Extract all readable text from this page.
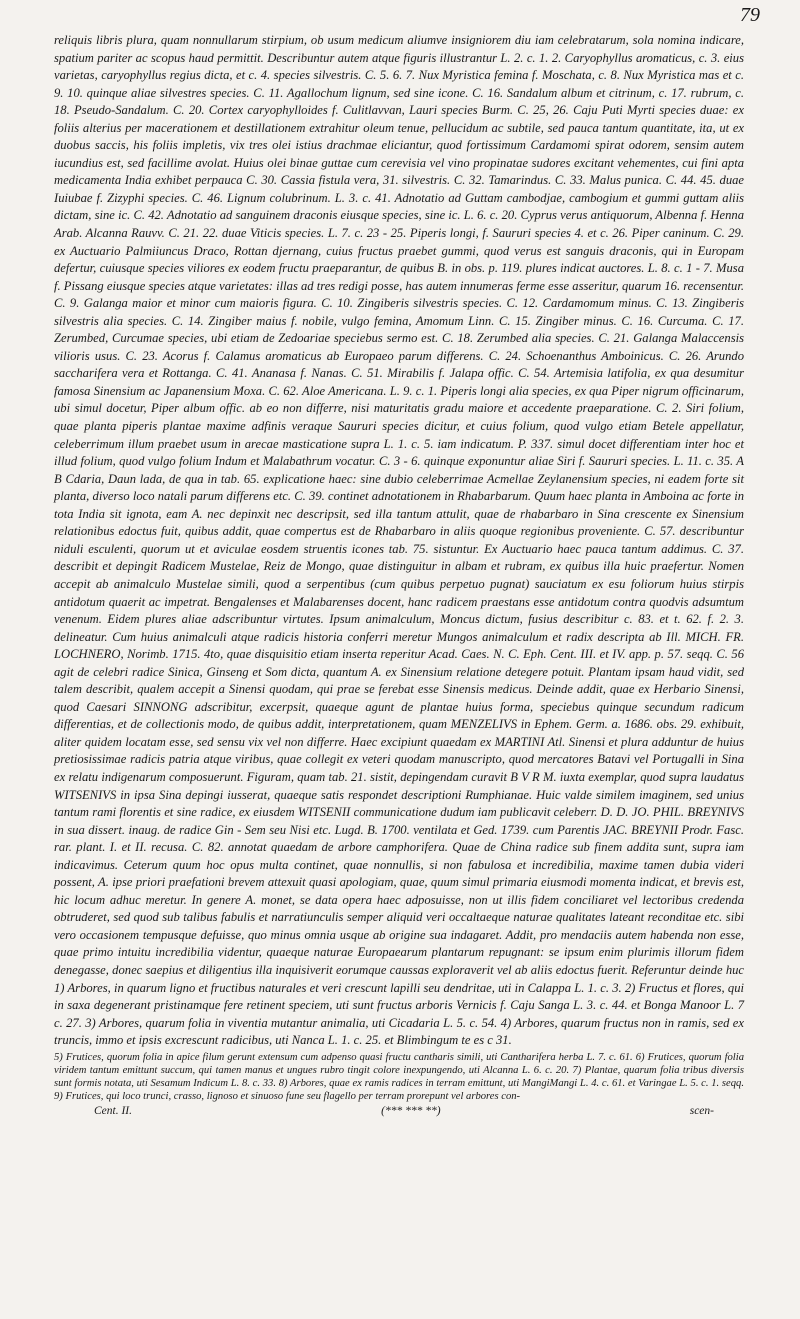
79

reliquis libris plura, quam nonnullarum stirpium, ob usum medicum aliumve insigniorem diu iam celebratarum, sola nomina indicare, spatium pariter ac scopus haud permittit. Describuntur autem atque figuris illustrantur L. 2. c. 1. 2. Caryophyllus aromaticus, c. 3. eius varietas, caryophyllus regius dicta, et c. 4. species silvestris. C. 5. 6. 7. Nux Myristica femina f. Moschata, c. 8. Nux Myristica mas et c. 9. 10. quinque aliae silvestres species. C. 11. Agallochum lignum, sed sine icone. C. 16. Sandalum album et citrinum, c. 17. rubrum, c. 18. Pseudo-Sandalum. C. 20. Cortex caryophylloides f. Culitlavvan, Lauri species Burm. C. 25, 26. Caju Puti Myrti species duae: ex foliis alterius per macerationem et destillationem extrahitur oleum tenue, pellucidum ac subtile, sed pauca tantum quantitate, ita, ut ex duobus saccis, his foliis impletis, vix tres olei istius drachmae eliciantur, quod fortissimum Cardamomi spirat odorem, sensim autem iucundius est, sed facillime avolat. Huius olei binae guttae cum cerevisia vel vino propinatae sudores excitant vehementes, cui fini apta medicamenta India exhibet perpauca C. 30. Cassia fistula vera, 31. silvestris. C. 32. Tamarindus. C. 33. Malus punica. C. 44. 45. duae Iuiubae f. Zizyphi species. C. 46. Lignum colubrinum. L. 3. c. 41. Adnotatio ad Guttam cambodjae, cambogium et gummi guttam aliis dictam, sine ic. C. 42. Adnotatio ad sanguinem draconis eiusque species, sine ic. L. 6. c. 20. Cyprus verus antiquorum, Albenna f. Henna Arab. Alcanna Rauvv. C. 21. 22. duae Viticis species. L. 7. c. 23 - 25. Piperis longi, f. Saururi species 4. et c. 26. Piper caninum. C. 29. ex Auctuario Palmiiuncus Draco, Rottan djernang, cuius fructus praebet gummi, quod verus est sanguis draconis, qui in Europam defertur, cuiusque species viliores ex eodem fructu praeparantur, de quibus B. in obs. p. 119. plures indicat auctores. L. 8. c. 1 - 7. Musa f. Pissang eiusque species atque varietates: illas ad tres redigi posse, has autem innumeras ferme esse asseritur, quarum 16. recensentur. C. 9. Galanga maior et minor cum maioris figura. C. 10. Zingiberis silvestris species. C. 12. Cardamomum minus. C. 13. Zingiberis silvestris alia species. C. 14. Zingiber maius f. nobile, vulgo femina, Amomum Linn. C. 15. Zingiber minus. C. 16. Curcuma. C. 17. Zerumbed, Curcumae species, ubi etiam de Zedoariae speciebus sermo est. C. 18. Zerumbed alia species. C. 21. Galanga Malaccensis vilioris usus. C. 23. Acorus f. Calamus aromaticus ab Europaeo parum differens. C. 24. Schoenanthus Amboinicus. C. 26. Arundo saccharifera vera et Rottanga. C. 41. Ananasa f. Nanas. C. 51. Mirabilis f. Jalapa offic. C. 54. Artemisia latifolia, ex qua desumitur famosa Sinensium ac Japanensium Moxa. C. 62. Aloe Americana. L. 9. c. 1. Piperis longi alia species, ex qua Piper nigrum officinarum, ubi simul docetur, Piper album offic. ab eo non differre, nisi maturitatis gradu maiore et accedente praeparatione. C. 2. Siri folium, quae planta piperis plantae maxime adfinis veraque Saururi species dicitur, et cuius folium, quod vulgo etiam Betele appellatur, celeberrimum illum praebet usum in arecae masticatione supra L. 1. c. 5. iam indicatum. P. 337. simul docet differentiam inter hoc et illud folium, quod vulgo folium Indum et Malabathrum vocatur. C. 3 - 6. quinque exponuntur aliae Siri f. Saururi species. L. 11. c. 35. A B Cdaria, Daun lada, de qua in tab. 65. explicatione haec: sine dubio celeberrimae Acmellae Zeylanensium species, ni eadem forte sit planta, diverso loco natali parum differens etc. C. 39. continet adnotationem in Rhabarbarum. Quum haec planta in Amboina ac forte in tota India sit ignota, eam A. nec depinxit nec descripsit, sed illa tantum attulit, quae de rhabarbaro in Sina crescente ex Sinensium relationibus edoctus fuit, quibus addit, quae compertus est de Rhabarbaro in aliis quoque regionibus proveniente. C. 57. describuntur niduli esculenti, quorum ut et aviculae eosdem struentis icones tab. 75. sistuntur. Ex Auctuario haec pauca tantum addimus. C. 37. describit et depingit Radicem Mustelae, Reiz de Mongo, quae distinguitur in albam et rubram, ex quibus illa huic praefertur. Nomen accepit ab animalculo Mustelae simili, quod a serpentibus (cum quibus perpetuo pugnat) sauciatum ex esu foliorum huius stirpis antidotum quaerit ac impetrat. Bengalenses et Malabarenses docent, hanc radicem praestans esse antidotum contra quodvis adsumtum venenum. Eidem plures aliae adscribuntur virtutes. Ipsum animalculum, Moncus dictum, fusius describitur c. 83. et t. 62. f. 2. 3. delineatur. Cum huius animalculi atque radicis historia conferri meretur Mungos animalculum et radix descripta ab Ill. MICH. FR. LOCHNERO, Norimb. 1715. 4to, quae disquisitio etiam inserta reperitur Acad. Caes. N. C. Eph. Cent. III. et IV. app. p. 57. seqq. C. 56 agit de celebri radice Sinica, Ginseng et Som dicta, quantum A. ex Sinensium relatione detegere potuit. Plantam ipsam haud vidit, sed talem describit, qualem accepit a Sinensi quodam, qui prae se ferebat esse Sinensis medicus. Deinde addit, quae ex Herbario Sinensi, quod Caesari SINNONG adscribitur, excerpsit, quaeque agunt de plantae huius forma, speciebus quinque secundum radicum differentias, et de collectionis modo, de quibus addit, interpretationem, quam MENZELIVS in Ephem. Germ. a. 1686. obs. 29. exhibuit, aliter quidem locatam esse, sed sensu vix vel non differre. Haec excipiunt quaedam ex MARTINI Atl. Sinensi et plura adduntur de huius pretiosissimae radicis patria atque viribus, quae collegit ex veteri quodam manuscripto, quod mercatores Batavi vel Portugalli in Sina ex relatu indigenarum composuerunt. Figuram, quam tab. 21. sistit, depingendam curavit B V R M. iuxta exemplar, quod supra laudatus WITSENIVS in ipsa Sina depingi iusserat, quaeque satis respondet descriptioni Rumphianae. Huic valde similem imaginem, sed unius tantum rami florentis et sine radice, ex eiusdem WITSENII communicatione dudum iam publicavit celeberr. D. D. JO. PHIL. BREYNIVS in sua dissert. inaug. de radice Gin - Sem seu Nisi etc. Lugd. B. 1700. ventilata et Ged. 1739. cum Parentis JAC. BREYNII Prodr. Fasc. rar. plant. I. et II. recusa. C. 82. annotat quaedam de arbore camphorifera. Quae de China radice sub finem addita sunt, supra iam indicavimus. Ceterum quum hoc opus multa continet, quae nonnullis, si non fabulosa et incredibilia, maxime tamen dubia videri possent, A. ipse priori praefationi brevem attexuit quasi apologiam, quae, quum simul primaria eiusmodi momenta indicat, et brevis est, hic locum adhuc meretur. In genere A. monet, se data opera haec adposuisse, non ut illis fidem conciliaret vel lectoribus credenda obtruderet, sed quod sub talibus fabulis et narratiunculis semper aliquid veri occaltaeque naturae qualitates lateant reconditae etc. sibi vero occasionem tempusque defuisse, quo minus omnia usque ab origine sua indagaret. Addit, pro mendaciis autem habenda non esse, quae primo intuitu incredibilia videntur, quaeque naturae Europaearum plantarum repugnant: se ipsum enim plurimis illorum fidem denegasse, donec saepius et diligentius illa inquisiverit eorumque caussas exploraverit vel ab aliis edoctus fuerit. Referuntur deinde huc 1) Arbores, in quarum ligno et fructibus naturales et veri crescunt lapilli seu dendritae, uti in Calappa L. 1. c. 3. 2) Fructus et flores, qui in saxa degenerant pristinamque fere retinent speciem, uti sunt fructus arboris Vernicis f. Caju Sanga L. 3. c. 44. et Bonga Manoor L. 7 c. 27. 3) Arbores, quarum folia in viventia mutantur animalia, uti Cicadaria L. 5. c. 54. 4) Arbores, quarum fructus non in ramis, sed ex truncis, immo et ipsis excrescunt radicibus, uti Nanca L. 1. c. 25. et Blimbingum te es c 31.

5) Frutices, quorum folia in apice filum gerunt extensum cum adpenso quasi fructu cantharis simili, uti Cantharifera herba L. 7. c. 61. 6) Frutices, quorum folia viridem tantum emittunt succum, qui tamen manus et ungues rubro tingit colore inexpungendo, uti Alcanna L. 6. c. 20. 7) Plantae, quarum folia tribus diversis sunt formis notata, uti Sesamum Indicum L. 8. c. 33. 8) Arbores, quae ex ramis radices in terram emittunt, uti MangiMangi L. 4. c. 61. et Varingae L. 5. c. 1. seqq. 9) Frutices, qui loco trunci, crasso, lignoso et sinuoso fune seu flagello per terram prorepunt vel arbores con-

Cent. II.	(*** *** **)	scen-
